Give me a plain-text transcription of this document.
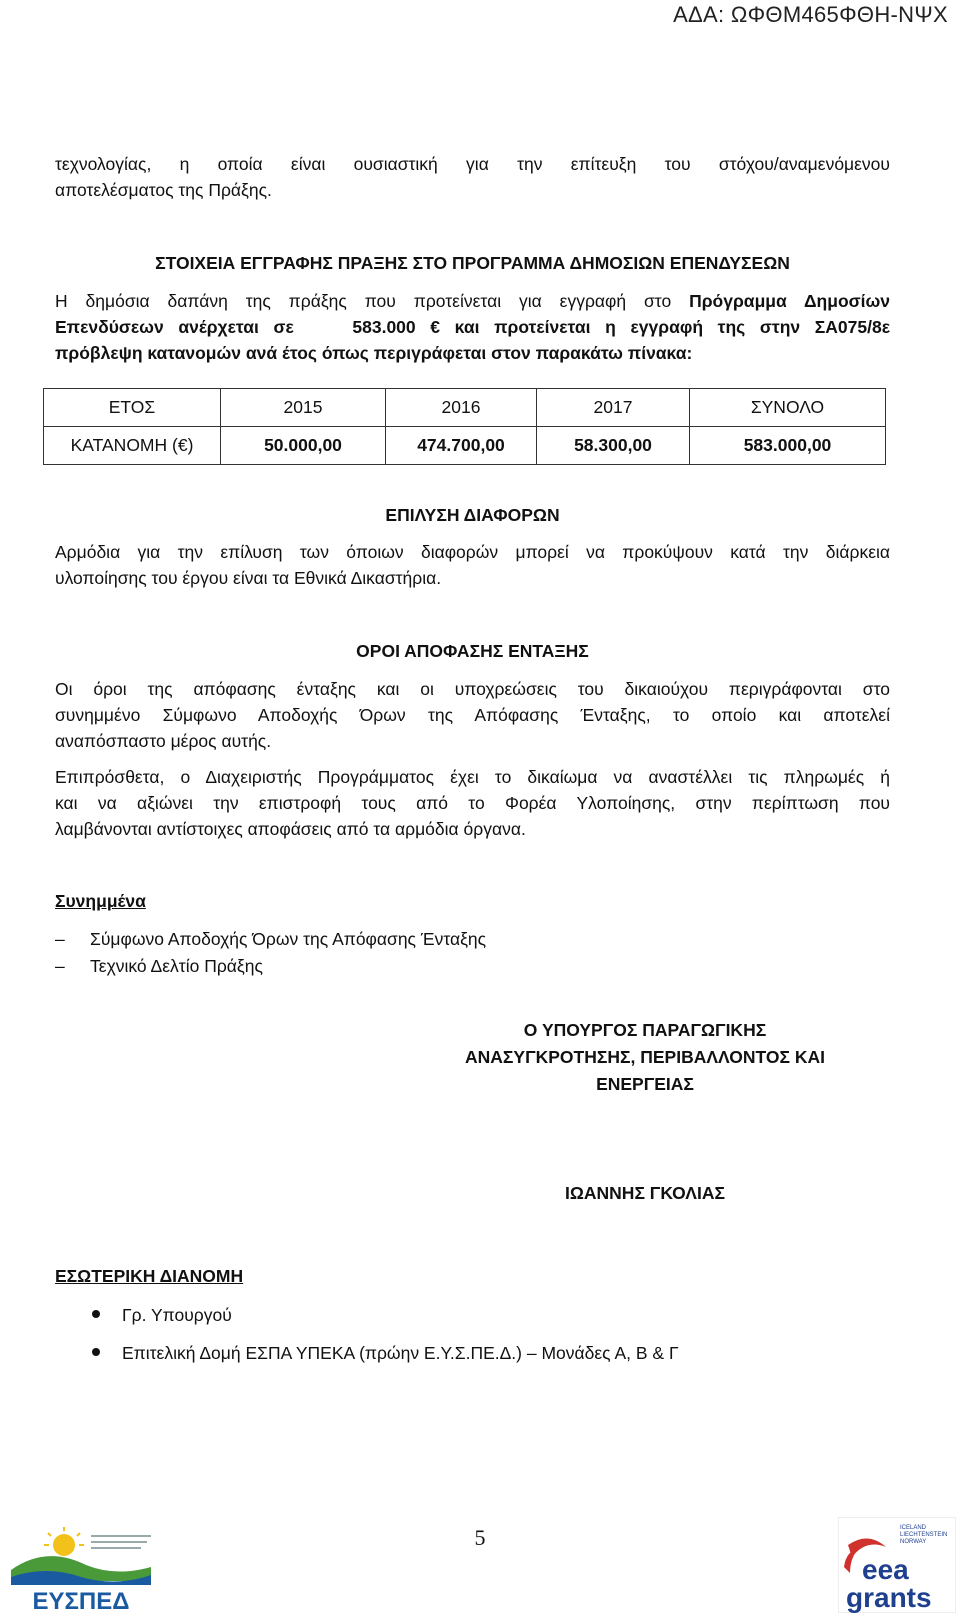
ΑΔΑ: ΩΦΘΜ465ΦΘΗ-ΝΨΧ
τεχνολογίας, η οποία είναι ουσιαστική για την επίτευξη του στόχου/αναμενόμενου
αποτελέσματος της Πράξης.
ΣΤΟΙΧΕΙΑ ΕΓΓΡΑΦΗΣ ΠΡΑΞΗΣ ΣΤΟ ΠΡΟΓΡΑΜΜΑ ΔΗΜΟΣΙΩΝ ΕΠΕΝΔΥΣΕΩΝ
Η δημόσια δαπάνη της πράξης που προτείνεται για εγγραφή στο Πρόγραμμα Δημοσίων
Επενδύσεων ανέρχεται σε	583.000 € και προτείνεται η εγγραφή της στην ΣΑ075/8ε
πρόβλεψη κατανομών ανά έτος όπως περιγράφεται στον παρακάτω πίνακα:
ΕΤΟΣ	2015	2016	2017	ΣΥΝΟΛΟ
ΚΑΤΑΝΟΜΗ (€)	50.000,00	474.700,00	58.300,00	583.000,00
ΕΠΙΛΥΣΗ ΔΙΑΦΟΡΩΝ
Αρμόδια για την επίλυση των όποιων διαφορών μπορεί να προκύψουν κατά την διάρκεια
υλοποίησης του έργου είναι τα Εθνικά Δικαστήρια.
ΟΡΟΙ ΑΠΟΦΑΣΗΣ ΕΝΤΑΞΗΣ
Οι όροι της απόφασης ένταξης και οι υποχρεώσεις του δικαιούχου περιγράφονται στο
συνημμένο Σύμφωνο Αποδοχής Όρων της Απόφασης Ένταξης, το οποίο και αποτελεί
αναπόσπαστο μέρος αυτής.
Επιπρόσθετα, ο Διαχειριστής Προγράμματος έχει το δικαίωμα να αναστέλλει τις πληρωμές ή
και να αξιώνει την επιστροφή τους από το Φορέα Υλοποίησης, στην περίπτωση που
λαμβάνονται αντίστοιχες αποφάσεις από τα αρμόδια όργανα.
Συνημμένα
– Σύμφωνο Αποδοχής Όρων της Απόφασης Ένταξης
– Τεχνικό Δελτίο Πράξης
Ο ΥΠΟΥΡΓΟΣ ΠΑΡΑΓΩΓΙΚΗΣ
ΑΝΑΣΥΓΚΡΟΤΗΣΗΣ, ΠΕΡΙΒΑΛΛΟΝΤΟΣ ΚΑΙ
ΕΝΕΡΓΕΙΑΣ
ΙΩΑΝΝΗΣ ΓΚΟΛΙΑΣ
ΕΣΩΤΕΡΙΚΗ ΔΙΑΝΟΜΗ
Γρ. Υπουργού
Επιτελική Δομή ΕΣΠΑ ΥΠΕΚΑ (πρώην Ε.Υ.Σ.ΠΕ.Δ.) – Μονάδες Α, Β & Γ
5
ΕΥΣΠΕΔ
ICELAND
LIECHTENSTEIN
NORWAY
eea
grants
